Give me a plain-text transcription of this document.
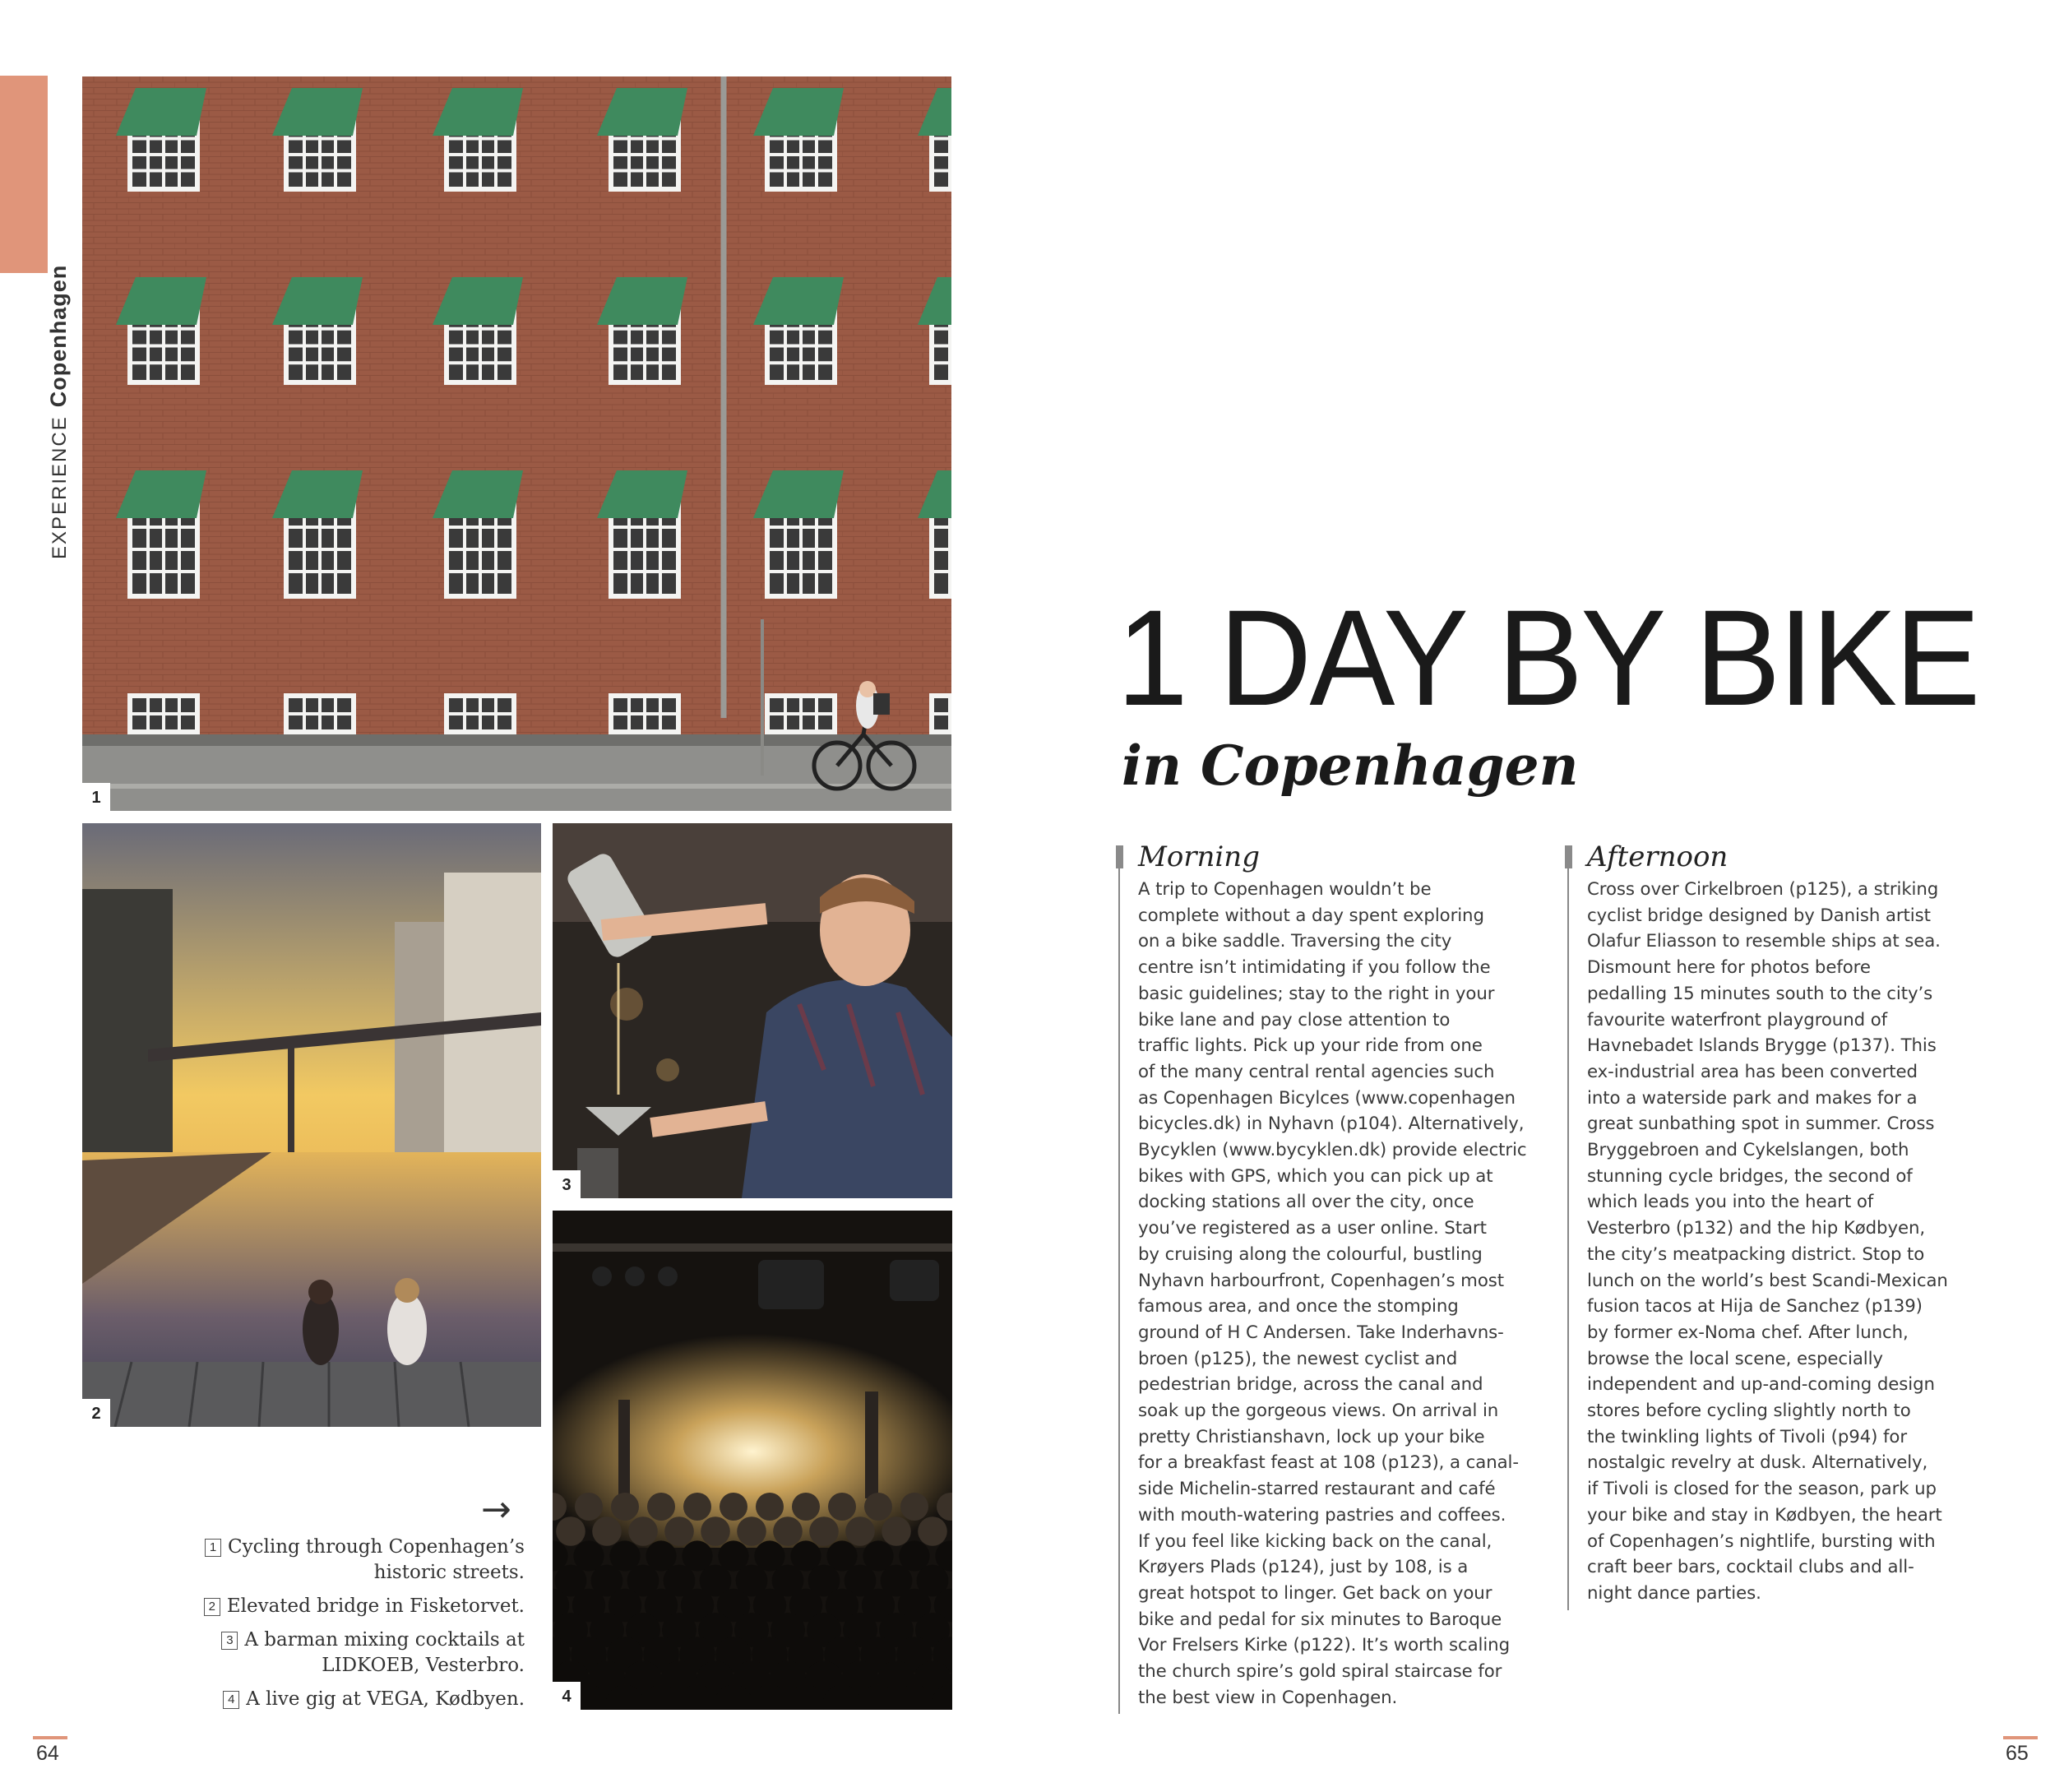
EXPERIENCECopenhagen
1
2
3
4
→

1 Cycling through Copenhagen’s historic streets.

2 Elevated bridge in Fisketorvet.

3 A barman mixing cocktails at LIDKOEB, Vesterbro.

4 A live gig at VEGA, Kødbyen.

1 DAY BY BIKE
in Copenhagen
Morning
A trip to Copenhagen wouldn’t be
complete without a day spent exploring
on a bike saddle. Traversing the city
centre isn’t intimidating if you follow the
basic guidelines; stay to the right in your
bike lane and pay close attention to
traffic lights. Pick up your ride from one
of the many central rental agencies such
as Copenhagen Bicylces (www.copenhagen
bicycles.dk) in Nyhavn (p104). Alternatively,
Bycyklen (www.bycyklen.dk) provide electric
bikes with GPS, which you can pick up at
docking stations all over the city, once
you’ve registered as a user online. Start
by cruising along the colourful, bustling
Nyhavn harbourfront, Copenhagen’s most
famous area, and once the stomping
ground of H C Andersen. Take Inderhavns-
broen (p125), the newest cyclist and
pedestrian bridge, across the canal and
soak up the gorgeous views. On arrival in
pretty Christianshavn, lock up your bike
for a breakfast feast at 108 (p123), a canal-
side Michelin-starred restaurant and café
with mouth-watering pastries and coffees.
If you feel like kicking back on the canal,
Krøyers Plads (p124), just by 108, is a
great hotspot to linger. Get back on your
bike and pedal for six minutes to Baroque
Vor Frelsers Kirke (p122). It’s worth scaling
the church spire’s gold spiral staircase for
the best view in Copenhagen.
Afternoon
Cross over Cirkelbroen (p125), a striking
cyclist bridge designed by Danish artist
Olafur Eliasson to resemble ships at sea.
Dismount here for photos before
pedalling 15 minutes south to the city’s
favourite waterfront playground of
Havnebadet Islands Brygge (p137). This
ex-industrial area has been converted
into a waterside park and makes for a
great sunbathing spot in summer. Cross
Bryggebroen and Cykelslangen, both
stunning cycle bridges, the second of
which leads you into the heart of
Vesterbro (p132) and the hip Kødbyen,
the city’s meatpacking district. Stop to
lunch on the world’s best Scandi-Mexican
fusion tacos at Hija de Sanchez (p139)
by former ex-Noma chef. After lunch,
browse the local scene, especially
independent and up-and-coming design
stores before cycling slightly north to
the twinkling lights of Tivoli (p94) for
nostalgic revelry at dusk. Alternatively,
if Tivoli is closed for the season, park up
your bike and stay in Kødbyen, the heart
of Copenhagen’s nightlife, bursting with
craft beer bars, cocktail clubs and all-
night dance parties.
64	65
